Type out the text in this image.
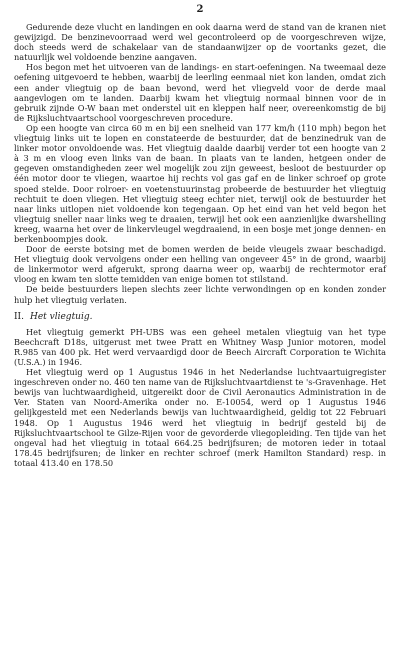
2

Gedurende deze vlucht en landingen en ook daarna werd de stand van de kranen niet gewijzigd. De benzinevoorraad werd wel gecontroleerd op de voorgeschreven wijze, doch steeds werd de schakelaar van de standaanwijzer op de voortanks gezet, die natuurlijk wel voldoende benzine aangaven.

Hos begon met het uitvoeren van de landings- en start-oefeningen. Na tweemaal deze oefening uitgevoerd te hebben, waarbij de leerling eenmaal niet kon landen, omdat zich een ander vliegtuig op de baan bevond, werd het vliegveld voor de derde maal aangevlogen om te landen. Daarbij kwam het vliegtuig normaal binnen voor de in gebruik zijnde O-W baan met onderstel uit en kleppen half neer, overeenkomstig de bij de Rijksluchtvaartschool voorgeschreven procedure.

Op een hoogte van circa 60 m en bij een snelheid van 177 km/h (110 mph) begon het vliegtuig links uit te lopen en constateerde de bestuurder, dat de benzinedruk van de linker motor onvoldoende was. Het vliegtuig daalde daarbij verder tot een hoogte van 2 à 3 m en vloog even links van de baan. In plaats van te landen, hetgeen onder de gegeven omstandigheden zeer wel mogelijk zou zijn geweest, besloot de bestuurder op één motor door te vliegen, waartoe hij rechts vol gas gaf en de linker schroef op grote spoed stelde. Door rolroer- en voetenstuurinstag probeerde de bestuurder het vliegtuig rechtuit te doen vliegen. Het vliegtuig steeg echter niet, terwijl ook de bestuurder het naar links uitlopen niet voldoende kon tegengaan. Op het eind van het veld begon het vliegtuig sneller naar links weg te draaien, terwijl het ook een aanzienlijke dwarshelling kreeg, waarna het over de linkervleugel wegdraaiend, in een bosje met jonge dennen- en berkenboompjes dook.

Door de eerste botsing met de bomen werden de beide vleugels zwaar beschadigd. Het vliegtuig dook vervolgens onder een helling van ongeveer 45° in de grond, waarbij de linkermotor werd afgerukt, sprong daarna weer op, waarbij de rechtermotor eraf vloog en kwam ten slotte temidden van enige bomen tot stilstand.

De beide bestuurders liepen slechts zeer lichte verwondingen op en konden zonder hulp het vliegtuig verlaten.

II. Het vliegtuig.

Het vliegtuig gemerkt PH-UBS was een geheel metalen vliegtuig van het type Beechcraft D18s, uitgerust met twee Pratt en Whitney Wasp Junior motoren, model R.985 van 400 pk. Het werd vervaardigd door de Beech Aircraft Corporation te Wichita (U.S.A.) in 1946.

Het vliegtuig werd op 1 Augustus 1946 in het Nederlandse luchtvaartuigregister ingeschreven onder no. 460 ten name van de Rijksluchtvaartdienst te 's-Gravenhage. Het bewijs van luchtwaardigheid, uitgereikt door de Civil Aeronautics Administration in de Ver. Staten van Noord-Amerika onder no. E-10054, werd op 1 Augustus 1946 gelijkgesteld met een Nederlands bewijs van luchtwaardigheid, geldig tot 22 Februari 1948. Op 1 Augustus 1946 werd het vliegtuig in bedrijf gesteld bij de Rijksluchtvaartschool te Gilze-Rijen voor de gevorderde vliegopleiding. Ten tijde van het ongeval had het vliegtuig in totaal 664.25 bedrijfsuren; de motoren ieder in totaal 178.45 bedrijfsuren; de linker en rechter schroef (merk Hamilton Standard) resp. in totaal 413.40 en 178.50
